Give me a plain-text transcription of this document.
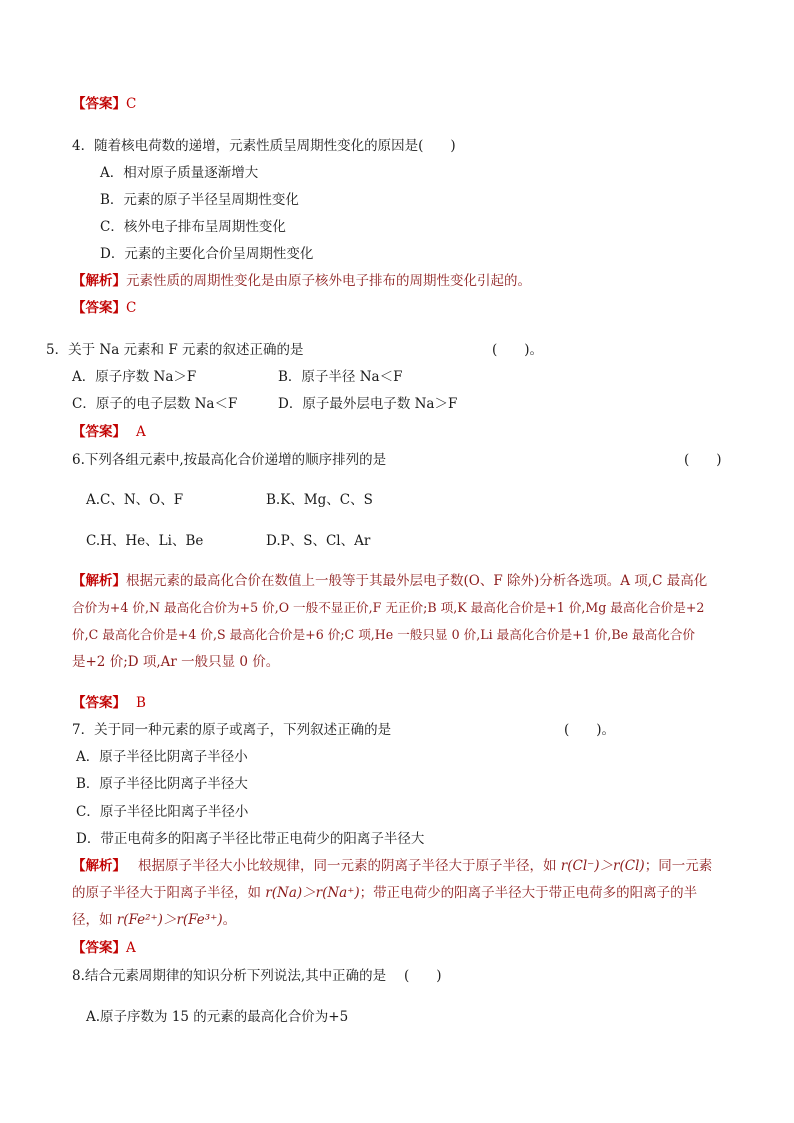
【答案】C
4．随着核电荷数的递增，元素性质呈周期性变化的原因是(　　)
A．相对原子质量逐渐增大
B．元素的原子半径呈周期性变化
C．核外电子排布呈周期性变化
D．元素的主要化合价呈周期性变化
【解析】元素性质的周期性变化是由原子核外电子排布的周期性变化引起的。
【答案】C
5．关于 Na 元素和 F 元素的叙述正确的是	(　　)。
A．原子序数 Na＞F	B．原子半径 Na＜F
C．原子的电子层数 Na＜F	D．原子最外层电子数 Na＞F
【答案】 A
6.下列各组元素中,按最高化合价递增的顺序排列的是	(　　)
A.C、N、O、F	B.K、Mg、C、S
C.H、He、Li、Be	D.P、S、Cl、Ar
【解析】根据元素的最高化合价在数值上一般等于其最外层电子数(O、F 除外)分析各选项。A 项,C 最高化
合价为+4 价,N 最高化合价为+5 价,O 一般不显正价,F 无正价;B 项,K 最高化合价是+1 价,Mg 最高化合价是+2
价,C 最高化合价是+4 价,S 最高化合价是+6 价;C 项,He 一般只显 0 价,Li 最高化合价是+1 价,Be 最高化合价
是+2 价;D 项,Ar 一般只显 0 价。
【答案】 B
7．关于同一种元素的原子或离子，下列叙述正确的是	(　　)。
A．原子半径比阴离子半径小
B．原子半径比阴离子半径大
C．原子半径比阳离子半径小
D．带正电荷多的阳离子半径比带正电荷少的阳离子半径大
【解析】 根据原子半径大小比较规律，同一元素的阴离子半径大于原子半径，如 r(Cl⁻)＞r(Cl)；同一元素的原子半径大于阳离子半径，如 r(Na)＞r(Na⁺)；带正电荷少的阳离子半径大于带正电荷多的阳离子的半径，如 r(Fe²⁺)＞r(Fe³⁺)。
【答案】A
8.结合元素周期律的知识分析下列说法,其中正确的是 (　　)
A.原子序数为 15 的元素的最高化合价为+5
